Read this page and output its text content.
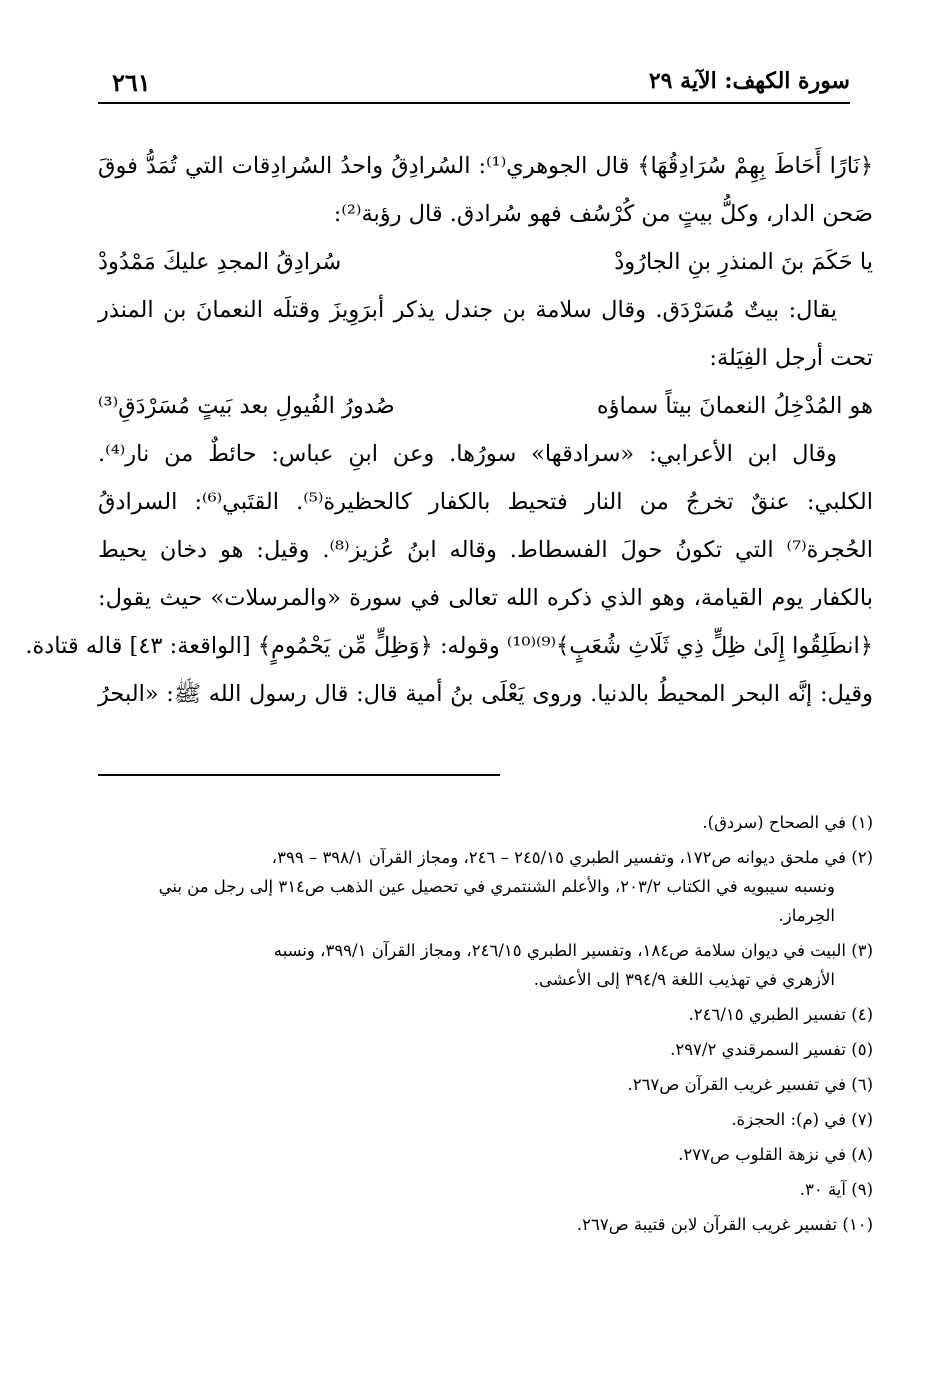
سورة الكهف: الآية ٢٩
٢٦١
﴿نَارًا أَحَاطَ بِهِمْ سُرَادِقُهَا﴾ قال الجوهري⁽¹⁾: السُرادِقُ واحدُ السُرادِقات التي تُمَدُّ فوقَ
صَحن الدار، وكلُّ بيتٍ من كُرْسُف فهو سُرادق. قال رؤبة⁽²⁾:
يا حَكَمَ بنَ المنذرِ بنِ الجارُودْ
سُرادِقُ المجدِ عليكَ مَمْدُودْ
يقال: بيتٌ مُسَرْدَق. وقال سلامة بن جندل يذكر أبرَوِيزَ وقتلَه النعمانَ بن المنذر
تحت أرجل الفِيَلة:
هو المُدْخِلُ النعمانَ بيتاً سماؤه
صُدورُ الفُيولِ بعد بَيتٍ مُسَرْدَقِ⁽³⁾
وقال ابن الأعرابي: «سرادقها» سورُها. وعن ابنِ عباس: حائطٌ من نار⁽⁴⁾.
الكلبي: عنقٌ تخرجُ من النار فتحيط بالكفار كالحظيرة⁽⁵⁾. القتَبي⁽⁶⁾: السرادقُ
الحُجرة⁽⁷⁾ التي تكونُ حولَ الفسطاط. وقاله ابنُ عُزيز⁽⁸⁾. وقيل: هو دخان يحيط
بالكفار يوم القيامة، وهو الذي ذكره الله تعالى في سورة «والمرسلات» حيث يقول:
﴿انطَلِقُوا إِلَىٰ ظِلٍّ ذِي ثَلَاثِ شُعَبٍ﴾⁽⁹⁾⁽¹⁰⁾ وقوله: ﴿وَظِلٍّ مِّن يَحْمُومٍ﴾ [الواقعة: ٤٣] قاله قتادة.
وقيل: إنَّه البحر المحيطُ بالدنيا. وروى يَعْلَى بنُ أمية قال: قال رسول الله ﷺ: «البحرُ
(١) في الصحاح (سردق).
(٢) في ملحق ديوانه ص١٧٢، وتفسير الطبري ٢٤٥/١٥ – ٢٤٦، ومجاز القرآن ٣٩٨/١ – ٣٩٩،
ونسبه سيبويه في الكتاب ٢٠٣/٢، والأعلم الشنتمري في تحصيل عين الذهب ص٣١٤ إلى رجل من بني الحِرماز.
(٣) البيت في ديوان سلامة ص١٨٤، وتفسير الطبري ٢٤٦/١٥، ومجاز القرآن ٣٩٩/١، ونسبه
الأزهري في تهذيب اللغة ٣٩٤/٩ إلى الأعشى.
(٤) تفسير الطبري ٢٤٦/١٥.
(٥) تفسير السمرقندي ٢٩٧/٢.
(٦) في تفسير غريب القرآن ص٢٦٧.
(٧) في (م): الحجزة.
(٨) في نزهة القلوب ص٢٧٧.
(٩) آية ٣٠.
(١٠) تفسير غريب القرآن لابن قتيبة ص٢٦٧.
